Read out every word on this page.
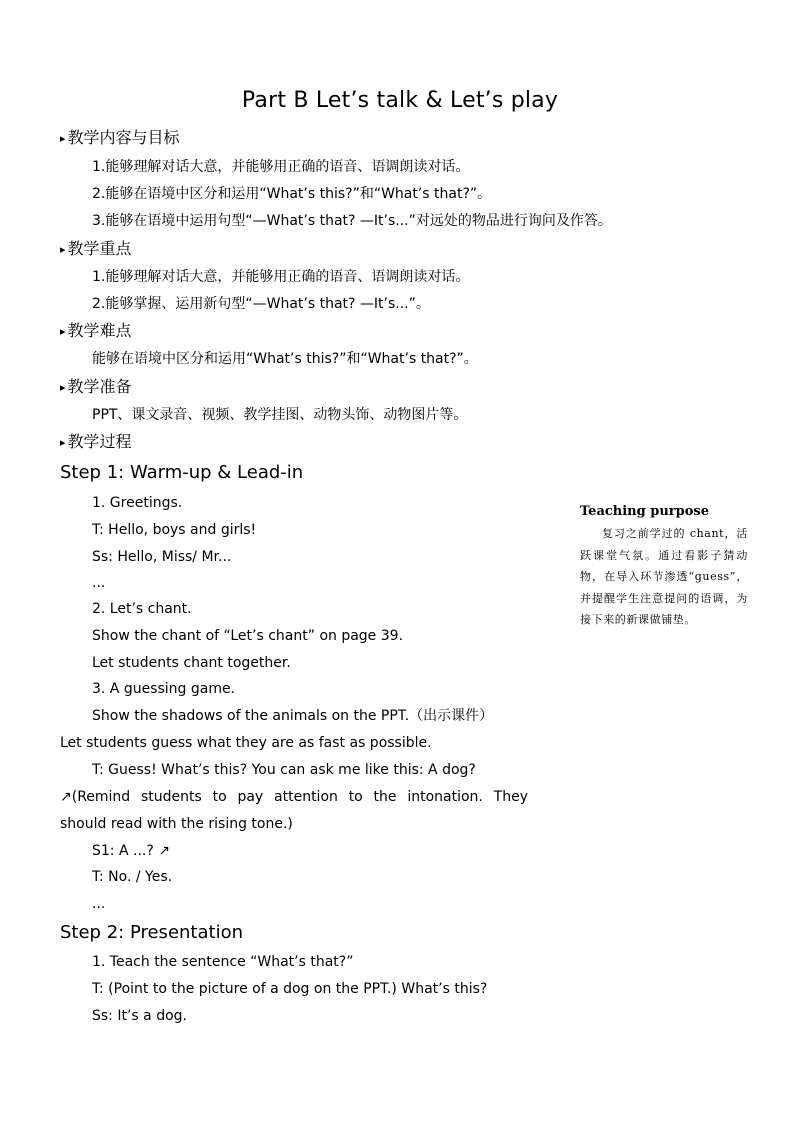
Part B Let’s talk & Let’s play
▸ 教学内容与目标
1.能够理解对话大意，并能够用正确的语音、语调朗读对话。
2.能够在语境中区分和运用“What’s this?”和“What’s that?”。
3.能够在语境中运用句型“—What’s that? —It’s...”对远处的物品进行询问及作答。
▸ 教学重点
1.能够理解对话大意，并能够用正确的语音、语调朗读对话。
2.能够掌握、运用新句型“—What’s that? —It’s...”。
▸ 教学难点
能够在语境中区分和运用“What’s this?”和“What’s that?”。
▸ 教学准备
PPT、课文录音、视频、教学挂图、动物头饰、动物图片等。
▸ 教学过程
Step 1: Warm-up & Lead-in
1. Greetings.
T: Hello, boys and girls!
Ss: Hello, Miss/ Mr...
...
2. Let’s chant.
Show the chant of “Let’s chant” on page 39.
Let students chant together.
3. A guessing game.
Show the shadows of the animals on the PPT.（出示课件）
Let students guess what they are as fast as possible.
T: Guess! What’s this? You can ask me like this: A dog?
↗(Remind students to pay attention to the intonation. They
should read with the rising tone.)
S1: A ...? ↗
T: No. / Yes.
...
Step 2: Presentation
1. Teach the sentence “What’s that?”
T: (Point to the picture of a dog on the PPT.) What’s this?
Ss: It’s a dog.
Teaching purpose
复习之前学过的 chant，活跃课堂气氛。通过看影子猜动物，在导入环节渗透“guess”，并提醒学生注意提问的语调，为接下来的新课做铺垫。
